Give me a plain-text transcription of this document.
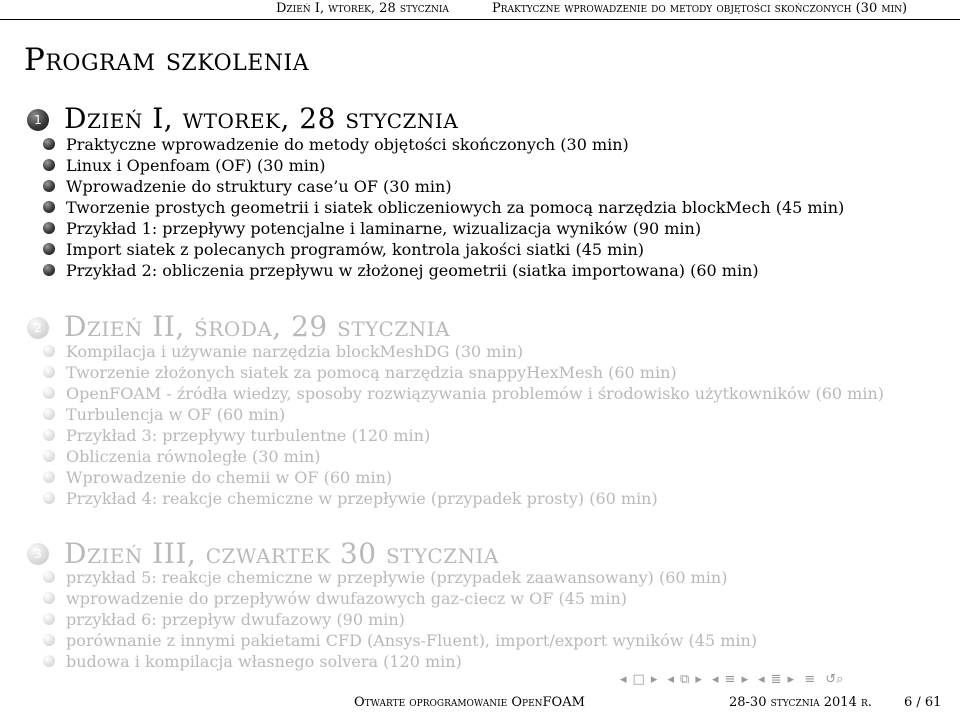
Dzień I, wtorek, 28 stycznia	Praktyczne wprowadzenie do metody objętości skończonych (30 min)
Program szkolenia
1 Dzień I, wtorek, 28 stycznia
Praktyczne wprowadzenie do metody objętości skończonych (30 min)
Linux i Openfoam (OF) (30 min)
Wprowadzenie do struktury case’u OF (30 min)
Tworzenie prostych geometrii i siatek obliczeniowych za pomocą narzędzia blockMech (45 min)
Przykład 1: przepływy potencjalne i laminarne, wizualizacja wyników (90 min)
Import siatek z polecanych programów, kontrola jakości siatki (45 min)
Przykład 2: obliczenia przepływu w złożonej geometrii (siatka importowana) (60 min)
2 Dzień II, środa, 29 stycznia
Kompilacja i używanie narzędzia blockMeshDG (30 min)
Tworzenie złożonych siatek za pomocą narzędzia snappyHexMesh (60 min)
OpenFOAM - źródła wiedzy, sposoby rozwiązywania problemów i środowisko użytkowników (60 min)
Turbulencja w OF (60 min)
Przykład 3: przepływy turbulentne (120 min)
Obliczenia równoległe (30 min)
Wprowadzenie do chemii w OF (60 min)
Przykład 4: reakcje chemiczne w przepływie (przypadek prosty) (60 min)
3 Dzień III, czwartek 30 stycznia
przykład 5: reakcje chemiczne w przepływie (przypadek zaawansowany) (60 min)
wprowadzenie do przepływów dwufazowych gaz-ciecz w OF (45 min)
przykład 6: przepływ dwufazowy (90 min)
porównanie z innymi pakietami CFD (Ansys-Fluent), import/export wyników (45 min)
budowa i kompilacja własnego solvera (120 min)
◂ □ ▸ ◂ ⧉ ▸ ◂ ≡ ▸ ◂ ≣ ▸ ≡ ↺⌕
Otwarte oprogramowanie OpenFOAM	28-30 stycznia 2014 r. 6 / 61
